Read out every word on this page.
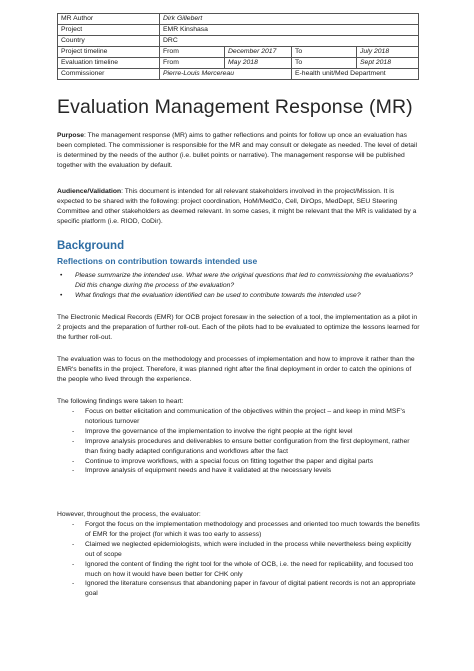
MR Author	Dirk Gillebert			
Project	EMR Kinshasa			
Country	DRC			
Project timeline	From	December 2017	To	July 2018
Evaluation timeline	From	May 2018	To	Sept 2018
Commissioner	Pierre-Louis Mercereau		E-health unit/Med Department	
Evaluation Management Response (MR)

Purpose: The management response (MR) aims to gather reflections and points for follow up once an evaluation has been completed. The commissioner is responsible for the MR and may consult or delegate as needed. The level of detail is determined by the needs of the author (i.e. bullet points or narrative). The management response will be published together with the evaluation by default.

Audience/Validation: This document is intended for all relevant stakeholders involved in the project/Mission. It is expected to be shared with the following: project coordination, HoM/MedCo, Cell, DirOps, MedDept, SEU Steering Committee and other stakeholders as deemed relevant. In some cases, it might be relevant that the MR is validated by a specific platform (i.e. RIOD, CoDir).

Background
Reflections on contribution towards intended use
• Please summarize the intended use. What were the original questions that led to commissioning the evaluations? Did this change during the process of the evaluation?
• What findings that the evaluation identified can be used to contribute towards the intended use?

The Electronic Medical Records (EMR) for OCB project foresaw in the selection of a tool, the implementation as a pilot in 2 projects and the preparation of further roll-out. Each of the pilots had to be evaluated to optimize the lessons learned for the further roll-out.

The evaluation was to focus on the methodology and processes of implementation and how to improve it rather than the EMR's benefits in the project. Therefore, it was planned right after the final deployment in order to catch the opinions of the people who lived through the experience.

The following findings were taken to heart:

- Focus on better elicitation and communication of the objectives within the project – and keep in mind MSF's notorious turnover
- Improve the governance of the implementation to involve the right people at the right level
- Improve analysis procedures and deliverables to ensure better configuration from the first deployment, rather than fixing badly adapted configurations and workflows after the fact
- Continue to improve workflows, with a special focus on fitting together the paper and digital parts
- Improve analysis of equipment needs and have it validated at the necessary levels

However, throughout the process, the evaluator:

- Forgot the focus on the implementation methodology and processes and oriented too much towards the benefits of EMR for the project (for which it was too early to assess)
- Claimed we neglected epidemiologists, which were included in the process while nevertheless being explicitly out of scope
- Ignored the content of finding the right tool for the whole of OCB, i.e. the need for replicability, and focused too much on how it would have been better for CHK only
- Ignored the literature consensus that abandoning paper in favour of digital patient records is not an appropriate goal
